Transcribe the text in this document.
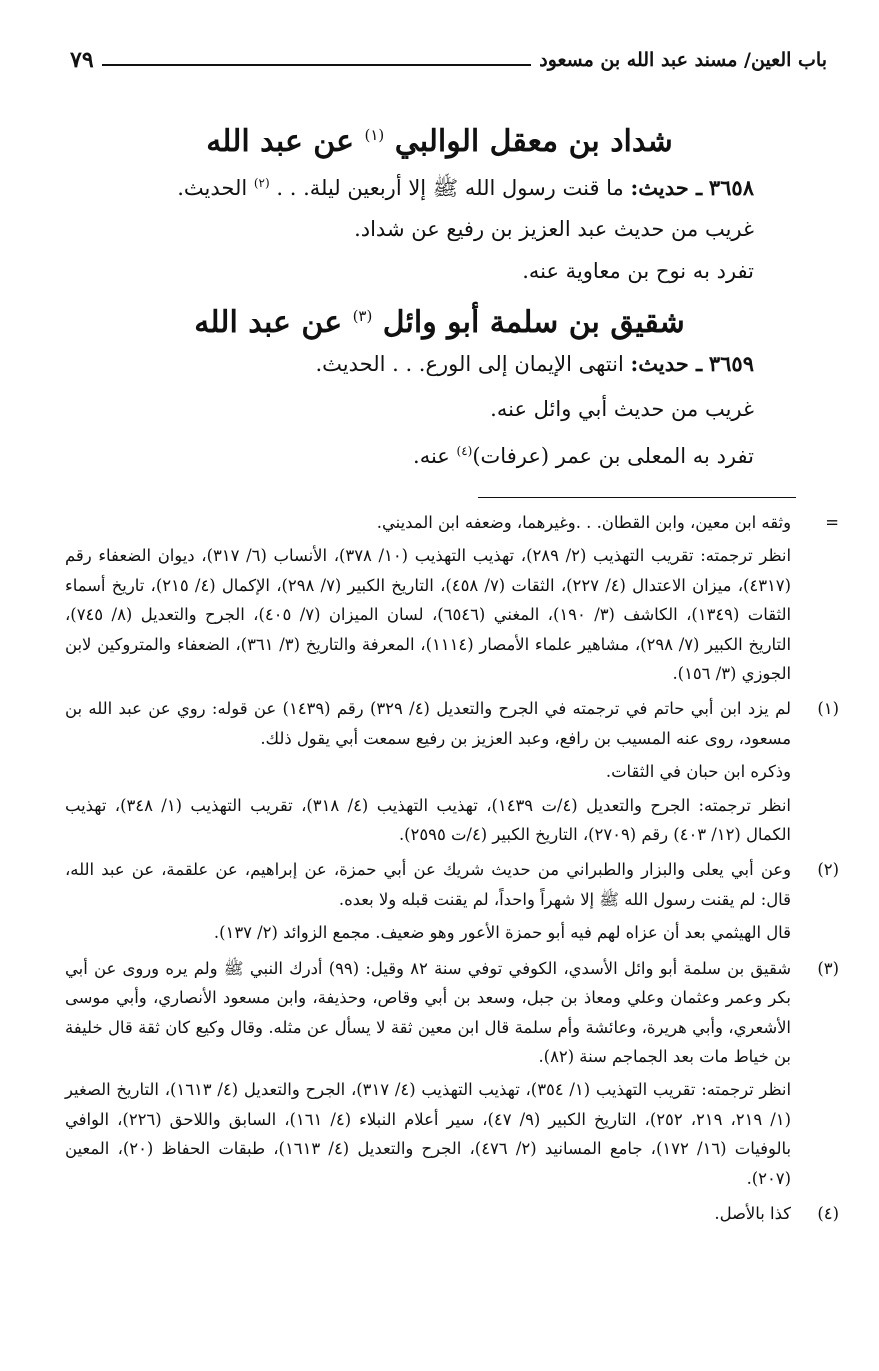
باب العين/ مسند عبد الله بن مسعود
٧٩
شداد بن معقل الوالبي $^{(١)}$ عن عبد الله
٣٦٥٨ ـ حديث: ما قنت رسول الله ﷺ إلا أربعين ليلة. . . $^{(٢)}$ الحديث.
غريب من حديث عبد العزيز بن رفيع عن شداد.
تفرد به نوح بن معاوية عنه.
شقيق بن سلمة أبو وائل $^{(٣)}$ عن عبد الله
٣٦٥٩ ـ حديث: انتهى الإيمان إلى الورع. . . الحديث.
غريب من حديث أبي وائل عنه.
تفرد به المعلى بن عمر (عرفات)$^{(٤)}$ عنه.
=

وثقه ابن معين، وابن القطان. . .وغيرهما، وضعفه ابن المديني.

انظر ترجمته: تقريب التهذيب (٢/ ٢٨٩)، تهذيب التهذيب (١٠/ ٣٧٨)، الأنساب (٦/ ٣١٧)، ديوان الضعفاء رقم (٤٣١٧)، ميزان الاعتدال (٤/ ٢٢٧)، الثقات (٧/ ٤٥٨)، التاريخ الكبير (٧/ ٢٩٨)، الإكمال (٤/ ٢١٥)، تاريخ أسماء الثقات (١٣٤٩)، الكاشف (٣/ ١٩٠)، المغني (٦٥٤٦)، لسان الميزان (٧/ ٤٠٥)، الجرح والتعديل (٨/ ٧٤٥)، التاريخ الكبير (٧/ ٢٩٨)، مشاهير علماء الأمصار (١١١٤)، المعرفة والتاريخ (٣/ ٣٦١)، الضعفاء والمتروكين لابن الجوزي (٣/ ١٥٦).

(١)

لم يزد ابن أبي حاتم في ترجمته في الجرح والتعديل (٤/ ٣٢٩) رقم (١٤٣٩) عن قوله: روي عن عبد الله بن مسعود، روى عنه المسيب بن رافع، وعبد العزيز بن رفيع سمعت أبي يقول ذلك.

وذكره ابن حبان في الثقات.

انظر ترجمته: الجرح والتعديل (٤/ت ١٤٣٩)، تهذيب التهذيب (٤/ ٣١٨)، تقريب التهذيب (١/ ٣٤٨)، تهذيب الكمال (١٢/ ٤٠٣) رقم (٢٧٠٩)، التاريخ الكبير (٤/ت ٢٥٩٥).

(٢)

وعن أبي يعلى والبزار والطبراني من حديث شريك عن أبي حمزة، عن إبراهيم، عن علقمة، عن عبد الله، قال: لم يقنت رسول الله ﷺ إلا شهراً واحداً، لم يقنت قبله ولا بعده.

قال الهيثمي بعد أن عزاه لهم فيه أبو حمزة الأعور وهو ضعيف. مجمع الزوائد (٢/ ١٣٧).

(٣)

شقيق بن سلمة أبو وائل الأسدي، الكوفي توفي سنة ٨٢ وقيل: (٩٩) أدرك النبي ﷺ ولم يره وروى عن أبي بكر وعمر وعثمان وعلي ومعاذ بن جبل، وسعد بن أبي وقاص، وحذيفة، وابن مسعود الأنصاري، وأبي موسى الأشعري، وأبي هريرة، وعائشة وأم سلمة قال ابن معين ثقة لا يسأل عن مثله. وقال وكيع كان ثقة قال خليفة بن خياط مات بعد الجماجم سنة (٨٢).

انظر ترجمته: تقريب التهذيب (١/ ٣٥٤)، تهذيب التهذيب (٤/ ٣١٧)، الجرح والتعديل (٤/ ١٦١٣)، التاريخ الصغير (١/ ٢١٩، ٢١٩، ٢٥٢)، التاريخ الكبير (٩/ ٤٧)، سير أعلام النبلاء (٤/ ١٦١)، السابق واللاحق (٢٢٦)، الوافي بالوفيات (١٦/ ١٧٢)، جامع المسانيد (٢/ ٤٧٦)، الجرح والتعديل (٤/ ١٦١٣)، طبقات الحفاظ (٢٠)، المعين (٢٠٧).

(٤)

كذا بالأصل.
